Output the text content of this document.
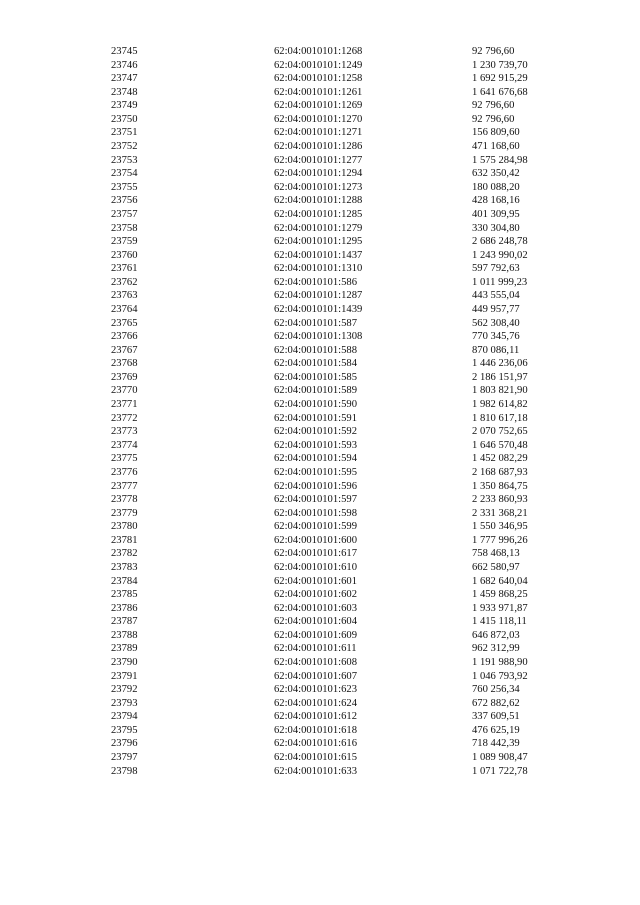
23745	62:04:0010101:1268	92 796,60
23746	62:04:0010101:1249	1 230 739,70
23747	62:04:0010101:1258	1 692 915,29
23748	62:04:0010101:1261	1 641 676,68
23749	62:04:0010101:1269	92 796,60
23750	62:04:0010101:1270	92 796,60
23751	62:04:0010101:1271	156 809,60
23752	62:04:0010101:1286	471 168,60
23753	62:04:0010101:1277	1 575 284,98
23754	62:04:0010101:1294	632 350,42
23755	62:04:0010101:1273	180 088,20
23756	62:04:0010101:1288	428 168,16
23757	62:04:0010101:1285	401 309,95
23758	62:04:0010101:1279	330 304,80
23759	62:04:0010101:1295	2 686 248,78
23760	62:04:0010101:1437	1 243 990,02
23761	62:04:0010101:1310	597 792,63
23762	62:04:0010101:586	1 011 999,23
23763	62:04:0010101:1287	443 555,04
23764	62:04:0010101:1439	449 957,77
23765	62:04:0010101:587	562 308,40
23766	62:04:0010101:1308	770 345,76
23767	62:04:0010101:588	870 086,11
23768	62:04:0010101:584	1 446 236,06
23769	62:04:0010101:585	2 186 151,97
23770	62:04:0010101:589	1 803 821,90
23771	62:04:0010101:590	1 982 614,82
23772	62:04:0010101:591	1 810 617,18
23773	62:04:0010101:592	2 070 752,65
23774	62:04:0010101:593	1 646 570,48
23775	62:04:0010101:594	1 452 082,29
23776	62:04:0010101:595	2 168 687,93
23777	62:04:0010101:596	1 350 864,75
23778	62:04:0010101:597	2 233 860,93
23779	62:04:0010101:598	2 331 368,21
23780	62:04:0010101:599	1 550 346,95
23781	62:04:0010101:600	1 777 996,26
23782	62:04:0010101:617	758 468,13
23783	62:04:0010101:610	662 580,97
23784	62:04:0010101:601	1 682 640,04
23785	62:04:0010101:602	1 459 868,25
23786	62:04:0010101:603	1 933 971,87
23787	62:04:0010101:604	1 415 118,11
23788	62:04:0010101:609	646 872,03
23789	62:04:0010101:611	962 312,99
23790	62:04:0010101:608	1 191 988,90
23791	62:04:0010101:607	1 046 793,92
23792	62:04:0010101:623	760 256,34
23793	62:04:0010101:624	672 882,62
23794	62:04:0010101:612	337 609,51
23795	62:04:0010101:618	476 625,19
23796	62:04:0010101:616	718 442,39
23797	62:04:0010101:615	1 089 908,47
23798	62:04:0010101:633	1 071 722,78
